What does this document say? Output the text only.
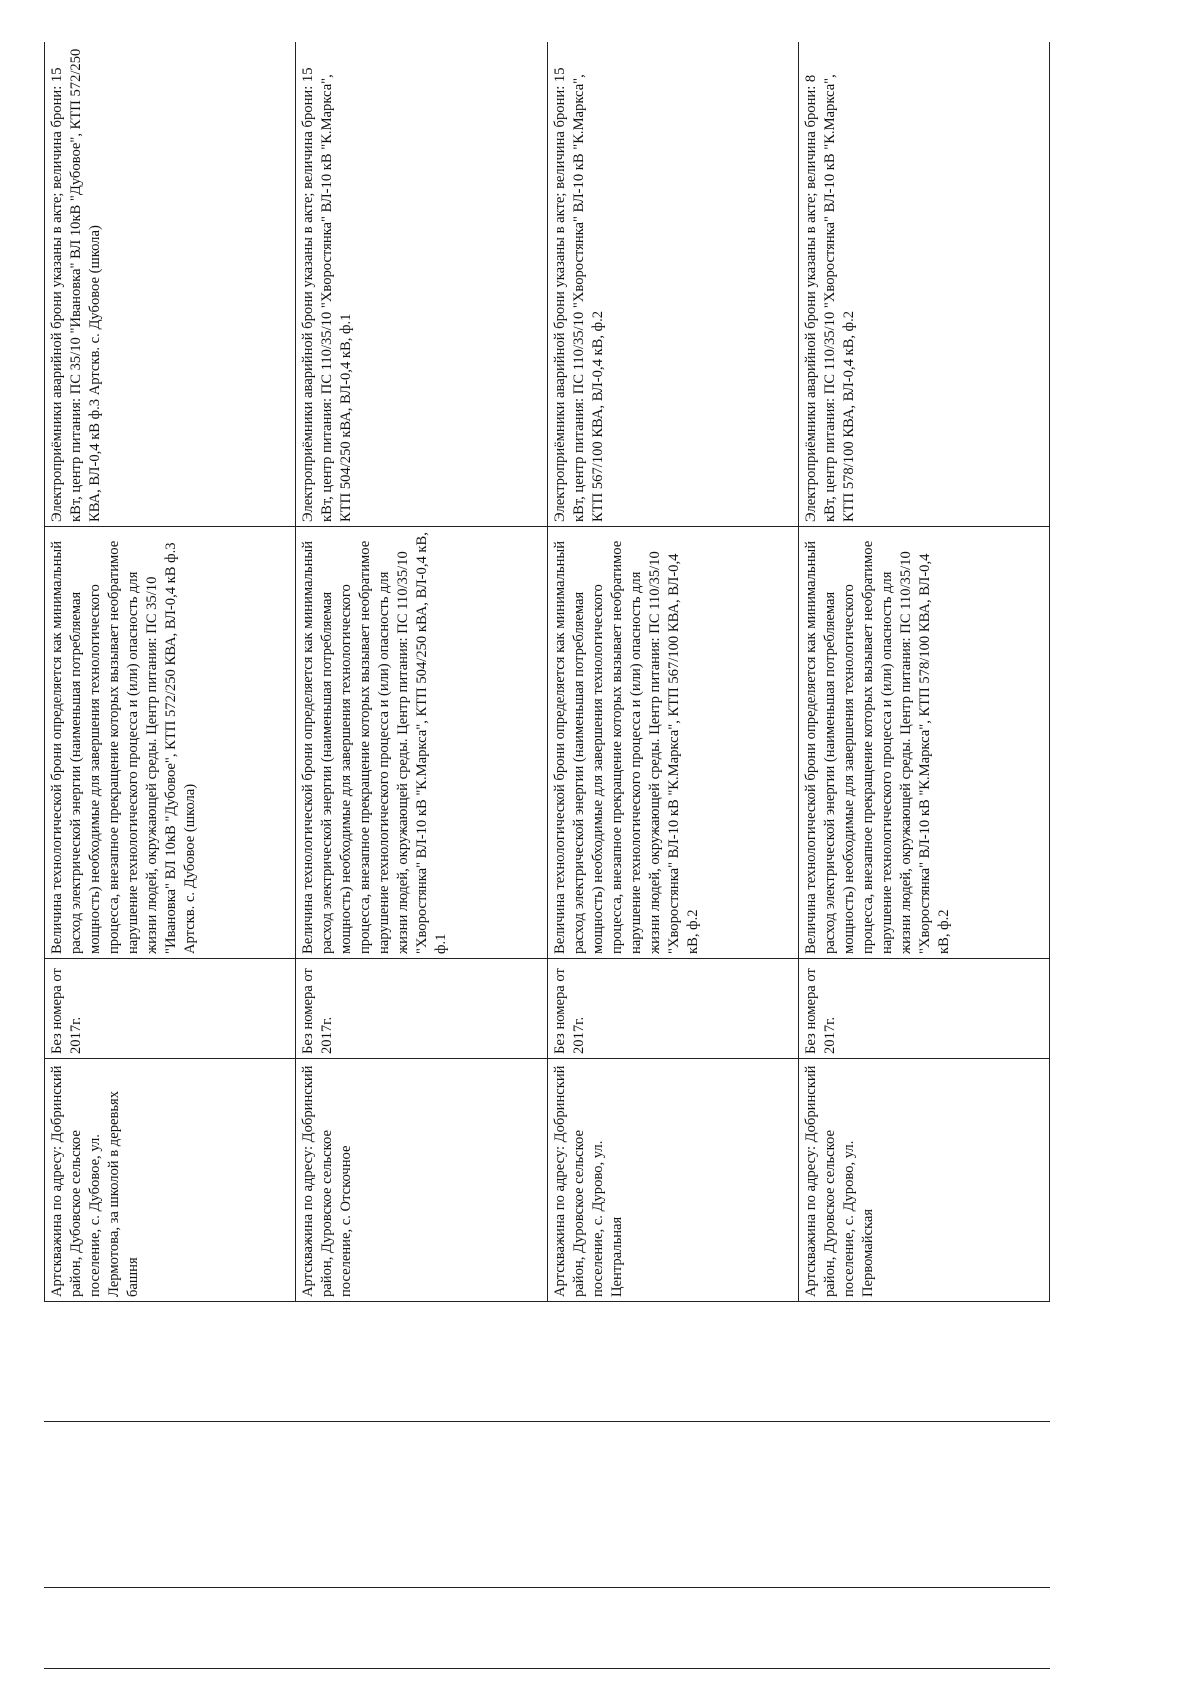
Артскважина по адресу: Добринский район, Дубовское сельское поселение, с. Дубовое, ул. Лермотова, за школой в деревьях башня	Без номера от 2017г.	Величина технологической брони определяется как минимальный расход электрической энергии (наименьшая потребляемая мощность) необходимые для завершения технологического процесса, внезапное прекращение которых вызывает необратимое нарушение технологического процесса и (или) опасность для жизни людей, окружающей среды. Центр питания: ПС 35/10 "Ивановка" ВЛ 10кВ "Дубовое", КТП 572/250 КВА, ВЛ-0,4 кВ ф.3 Артскв. с. Дубовое (школа)	Электроприёмники аварийной брони указаны в акте; величина брони: 15 кВт, центр питания: ПС 35/10 "Ивановка" ВЛ 10кВ "Дубовое", КТП 572/250 КВА, ВЛ-0,4 кВ ф.3 Артскв. с. Дубовое (школа)
Артскважина по адресу: Добринский район, Дуровское сельское поселение, с. Отскочное	Без номера от 2017г.	Величина технологической брони определяется как минимальный расход электрической энергии (наименьшая потребляемая мощность) необходимые для завершения технологического процесса, внезапное прекращение которых вызывает необратимое нарушение технологического процесса и (или) опасность для жизни людей, окружающей среды. Центр питания: ПС 110/35/10 "Хворостянка" ВЛ-10 кВ "К.Маркса", КТП 504/250 кВА, ВЛ-0,4 кВ, ф.1	Электроприёмники аварийной брони указаны в акте; величина брони: 15 кВт, центр питания: ПС 110/35/10 "Хворостянка" ВЛ-10 кВ "К.Маркса", КТП 504/250 кВА, ВЛ-0,4 кВ, ф.1
Артскважина по адресу: Добринский район, Дуровское сельское поселение, с. Дурово, ул. Центральная	Без номера от 2017г.	Величина технологической брони определяется как минимальный расход электрической энергии (наименьшая потребляемая мощность) необходимые для завершения технологического процесса, внезапное прекращение которых вызывает необратимое нарушение технологического процесса и (или) опасность для жизни людей, окружающей среды. Центр питания: ПС 110/35/10 "Хворостянка" ВЛ-10 кВ "К.Маркса", КТП 567/100 КВА, ВЛ-0,4 кВ, ф.2	Электроприёмники аварийной брони указаны в акте; величина брони: 15 кВт, центр питания: ПС 110/35/10 "Хворостянка" ВЛ-10 кВ "К.Маркса", КТП 567/100 КВА, ВЛ-0,4 кВ, ф.2
Артскважина по адресу: Добринский район, Дуровское сельское поселение, с. Дурово, ул. Первомайская	Без номера от 2017г.	Величина технологической брони определяется как минимальный расход электрической энергии (наименьшая потребляемая мощность) необходимые для завершения технологического процесса, внезапное прекращение которых вызывает необратимое нарушение технологического процесса и (или) опасность для жизни людей, окружающей среды. Центр питания: ПС 110/35/10 "Хворостянка" ВЛ-10 кВ "К.Маркса", КТП 578/100 КВА, ВЛ-0,4 кВ, ф.2	Электроприёмники аварийной брони указаны в акте; величина брони: 8 кВт, центр питания: ПС 110/35/10 "Хворостянка" ВЛ-10 кВ "К.Маркса", КТП 578/100 КВА, ВЛ-0,4 кВ, ф.2
